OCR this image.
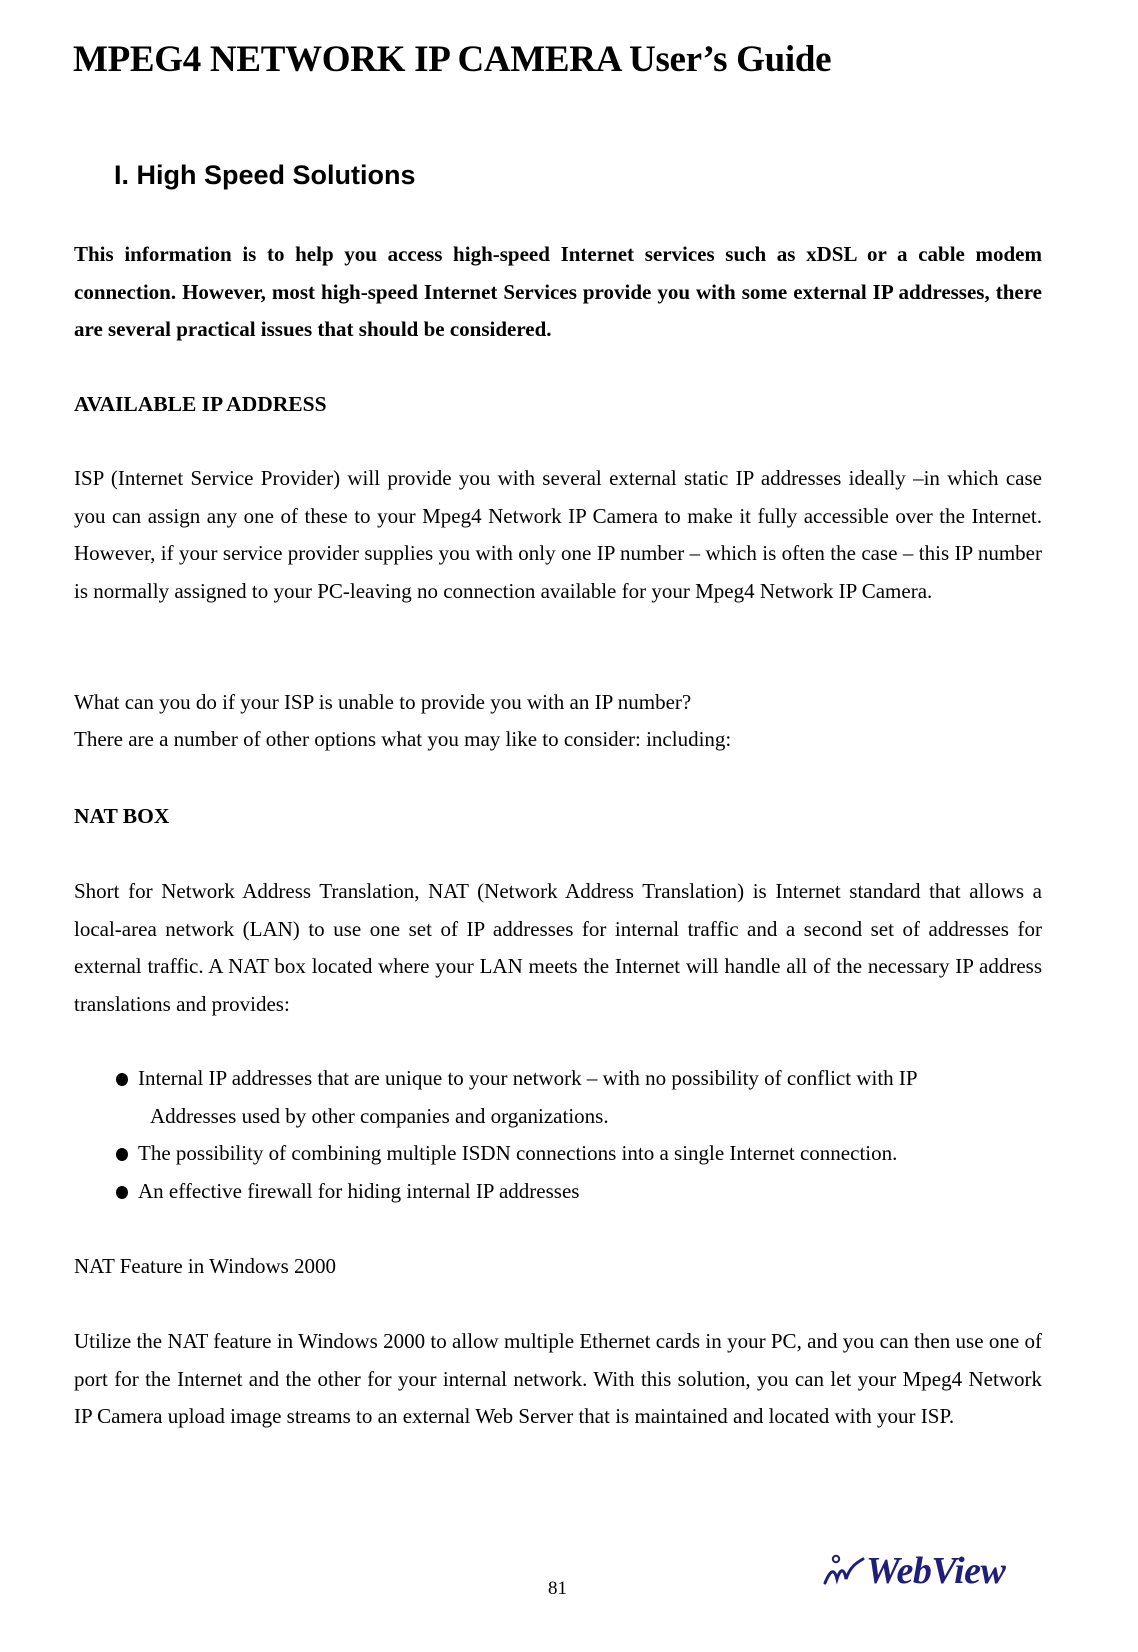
MPEG4 NETWORK IP CAMERA User’s Guide
I. High Speed Solutions
This information is to help you access high-speed Internet services such as xDSL or a cable modem connection. However, most high-speed Internet Services provide you with some external IP addresses, there are several practical issues that should be considered.
AVAILABLE IP ADDRESS
ISP (Internet Service Provider) will provide you with several external static IP addresses ideally –in which case you can assign any one of these to your Mpeg4 Network IP Camera to make it fully accessible over the Internet. However, if your service provider supplies you with only one IP number – which is often the case – this IP number is normally assigned to your PC-leaving no connection available for your Mpeg4 Network IP Camera.
What can you do if your ISP is unable to provide you with an IP number?
There are a number of other options what you may like to consider: including:
NAT BOX
Short for Network Address Translation, NAT (Network Address Translation) is Internet standard that allows a local-area network (LAN) to use one set of IP addresses for internal traffic and a second set of addresses for external traffic. A NAT box located where your LAN meets the Internet will handle all of the necessary IP address translations and provides:
Internal IP addresses that are unique to your network – with no possibility of conflict with IP
Addresses used by other companies and organizations.
The possibility of combining multiple ISDN connections into a single Internet connection.
An effective firewall for hiding internal IP addresses
NAT Feature in Windows 2000
Utilize the NAT feature in Windows 2000 to allow multiple Ethernet cards in your PC, and you can then use one of port for the Internet and the other for your internal network. With this solution, you can let your Mpeg4 Network IP Camera upload image streams to an external Web Server that is maintained and located with your ISP.
81	WebView
